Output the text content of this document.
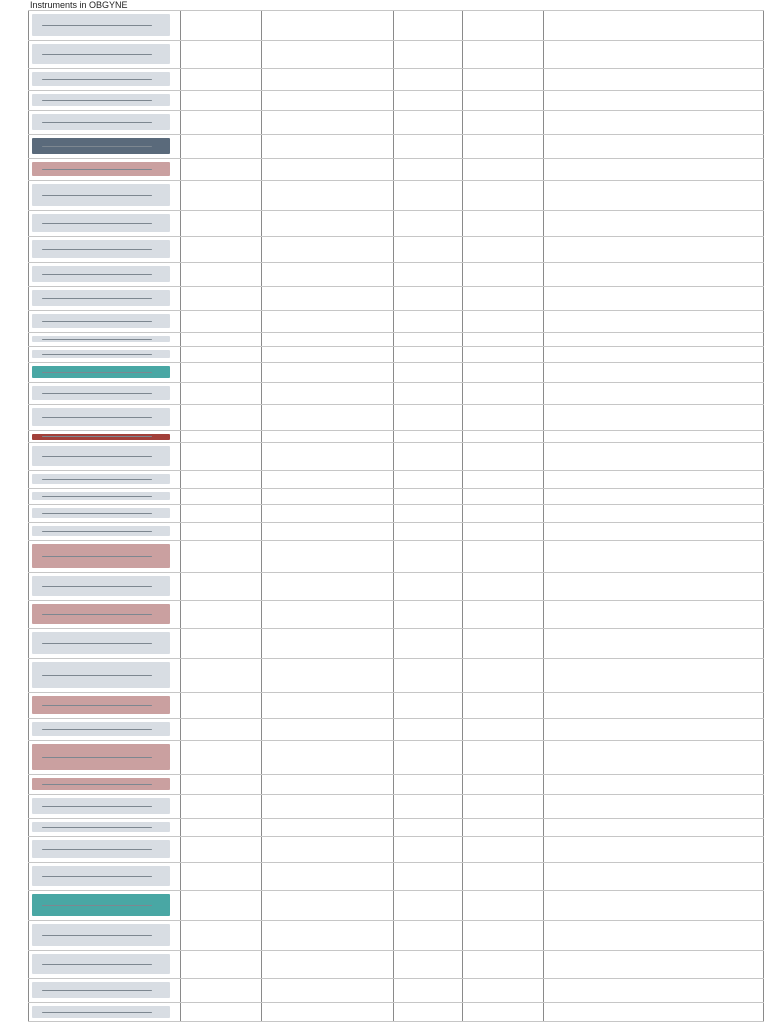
Instruments in OBGYNE
